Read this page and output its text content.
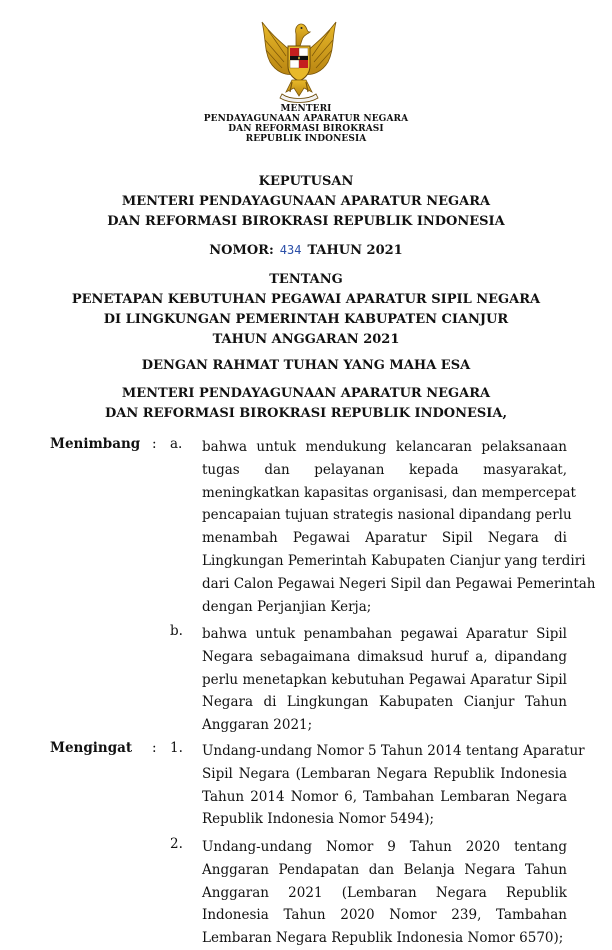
MENTERI
PENDAYAGUNAAN APARATUR NEGARA
DAN REFORMASI BIROKRASI
REPUBLIK INDONESIA
KEPUTUSAN
MENTERI PENDAYAGUNAAN APARATUR NEGARA
DAN REFORMASI BIROKRASI REPUBLIK INDONESIA
NOMOR: 434 TAHUN 2021
TENTANG
PENETAPAN KEBUTUHAN PEGAWAI APARATUR SIPIL NEGARA
DI LINGKUNGAN PEMERINTAH KABUPATEN CIANJUR
TAHUN ANGGARAN 2021
DENGAN RAHMAT TUHAN YANG MAHA ESA
MENTERI PENDAYAGUNAAN APARATUR NEGARA
DAN REFORMASI BIROKRASI REPUBLIK INDONESIA,
Menimbang : a. bahwa untuk mendukung kelancaran pelaksanaan
tugas dan pelayanan kepada masyarakat,
meningkatkan kapasitas organisasi, dan mempercepat
pencapaian tujuan strategis nasional dipandang perlu
menambah Pegawai Aparatur Sipil Negara di
Lingkungan Pemerintah Kabupaten Cianjur yang terdiri
dari Calon Pegawai Negeri Sipil dan Pegawai Pemerintah
dengan Perjanjian Kerja;
b. bahwa untuk penambahan pegawai Aparatur Sipil
Negara sebagaimana dimaksud huruf a, dipandang
perlu menetapkan kebutuhan Pegawai Aparatur Sipil
Negara di Lingkungan Kabupaten Cianjur Tahun
Anggaran 2021;
Mengingat : 1. Undang-undang Nomor 5 Tahun 2014 tentang Aparatur
Sipil Negara (Lembaran Negara Republik Indonesia
Tahun 2014 Nomor 6, Tambahan Lembaran Negara
Republik Indonesia Nomor 5494);
2. Undang-undang Nomor 9 Tahun 2020 tentang
Anggaran Pendapatan dan Belanja Negara Tahun
Anggaran 2021 (Lembaran Negara Republik
Indonesia Tahun 2020 Nomor 239, Tambahan
Lembaran Negara Republik Indonesia Nomor 6570);
